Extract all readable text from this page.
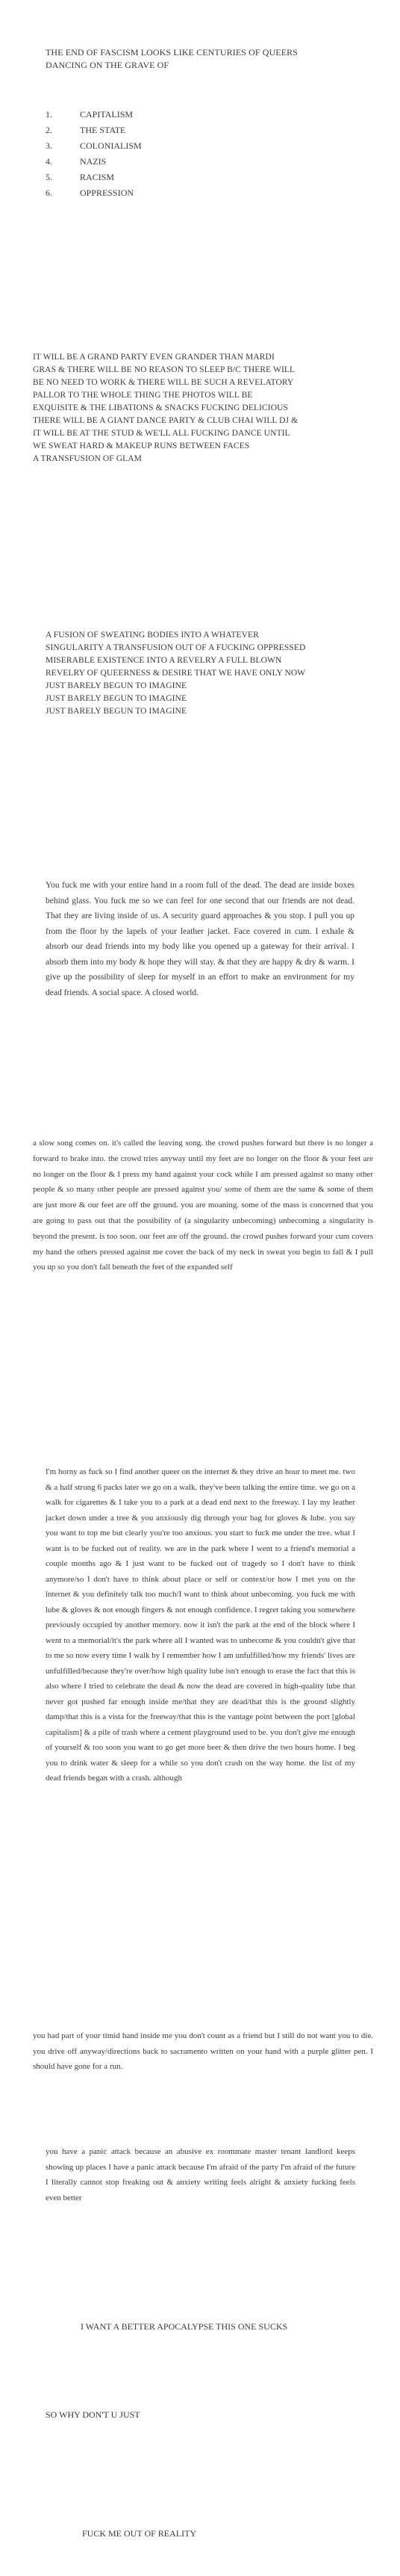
THE END OF FASCISM LOOKS LIKE CENTURIES OF QUEERS

DANCING ON THE GRAVE OF

1.	CAPITALISM
2.	THE STATE
3.	COLONIALISM
4.	NAZIS
5.	RACISM
6.	OPPRESSION

IT WILL BE A GRAND PARTY EVEN GRANDER THAN MARDI

GRAS & THERE WILL BE NO REASON TO SLEEP B/C THERE WILL

BE NO NEED TO WORK & THERE WILL BE SUCH A REVELATORY

PALLOR TO THE WHOLE THING THE PHOTOS WILL BE

EXQUISITE & THE LIBATIONS & SNACKS FUCKING DELICIOUS

THERE WILL BE A GIANT DANCE PARTY & CLUB CHAI WILL DJ &

IT WILL BE AT THE STUD & WE'LL ALL FUCKING DANCE UNTIL

WE SWEAT HARD & MAKEUP RUNS BETWEEN FACES

A TRANSFUSION OF GLAM

A FUSION OF SWEATING BODIES INTO A WHATEVER

SINGULARITY A TRANSFUSION OUT OF A FUCKING OPPRESSED

MISERABLE EXISTENCE INTO A REVELRY A FULL BLOWN

REVELRY OF QUEERNESS & DESIRE THAT WE HAVE ONLY NOW

JUST BARELY BEGUN TO IMAGINE

JUST BARELY BEGUN TO IMAGINE

JUST BARELY BEGUN TO IMAGINE

You fuck me with your entire hand in a room full of the dead. The dead are inside boxes behind glass. You fuck me so we can feel for one second that our friends are not dead. That they are living inside of us. A security guard approaches & you stop. I pull you up from the floor by the lapels of your leather jacket. Face covered in cum. I exhale & absorb our dead friends into my body like you opened up a gateway for their arrival. I absorb them into my body & hope they will stay. & that they are happy & dry & warm. I give up the possibility of sleep for myself in an effort to make an environment for my dead friends. A social space. A closed world.
a slow song comes on. it's called the leaving song. the crowd pushes forward but there is no longer a forward to brake into. the crowd tries anyway until my feet are no longer on the floor & your feet are no longer on the floor & I press my hand against your cock while I am pressed against so many other people & so many other people are pressed against you/ some of them are the same & some of them are just more & our feet are off the ground. you are moaning. some of the mass is concerned that you are going to pass out that the possibility of (a singularity unbecoming) unbecoming a singularity is beyond the present. is too soon. our feet are off the ground. the crowd pushes forward your cum covers my hand the others pressed against me cover the back of my neck in sweat you begin to fall & I pull you up so you don't fall beneath the feet of the expanded self
I'm horny as fuck so I find another queer on the internet & they drive an hour to meet me. two & a half strong 6 packs later we go on a walk. they've been talking the entire time. we go on a walk for cigarettes & I take you to a park at a dead end next to the freeway. I lay my leather jacket down under a tree & you anxiously dig through your bag for gloves & lube. you say you want to top me but clearly you're too anxious. you start to fuck me under the tree. what I want is to be fucked out of reality. we are in the park where I went to a friend's memorial a couple months ago & I just want to be fucked out of tragedy so I don't have to think anymore/so I don't have to think about place or self or context/or how I met you on the internet & you definitely talk too much/I want to think about unbecoming. you fuck me with lube & gloves & not enough fingers & not enough confidence. I regret taking you somewhere previously occupied by another memory. now it isn't the park at the end of the block where I went to a memorial/it's the park where all I wanted was to unbecome & you couldn't give that to me so now every time I walk by I remember how I am unfulfilled/how my friends' lives are unfulfilled/because they're over/how high quality lube isn't enough to erase the fact that this is also where I tried to celebrate the dead & now the dead are covered in high-quality lube that never got pushed far enough inside me/that they are dead/that this is the ground slightly damp/that this is a vista for the freeway/that this is the vantage point between the port [global capitalism] & a pile of trash where a cement playground used to be. you don't give me enough of yourself & too soon you want to go get more beer & then drive the two hours home. I beg you to drink water & sleep for a while so you don't crash on the way home. the list of my dead friends began with a crash. although
you had part of your timid hand inside me you don't count as a friend but I still do not want you to die. you drive off anyway/directions back to sacramento written on your hand with a purple glitter pen. I should have gone for a run.
you have a panic attack because an abusive ex roommate master tenant landlord keeps showing up places I have a panic attack because I'm afraid of the party I'm afraid of the future I literally cannot stop freaking out & anxiety writing feels alright & anxiety fucking feels even better
I WANT A BETTER APOCALYPSE THIS ONE SUCKS
SO WHY DON'T U JUST
FUCK ME OUT OF REALITY
